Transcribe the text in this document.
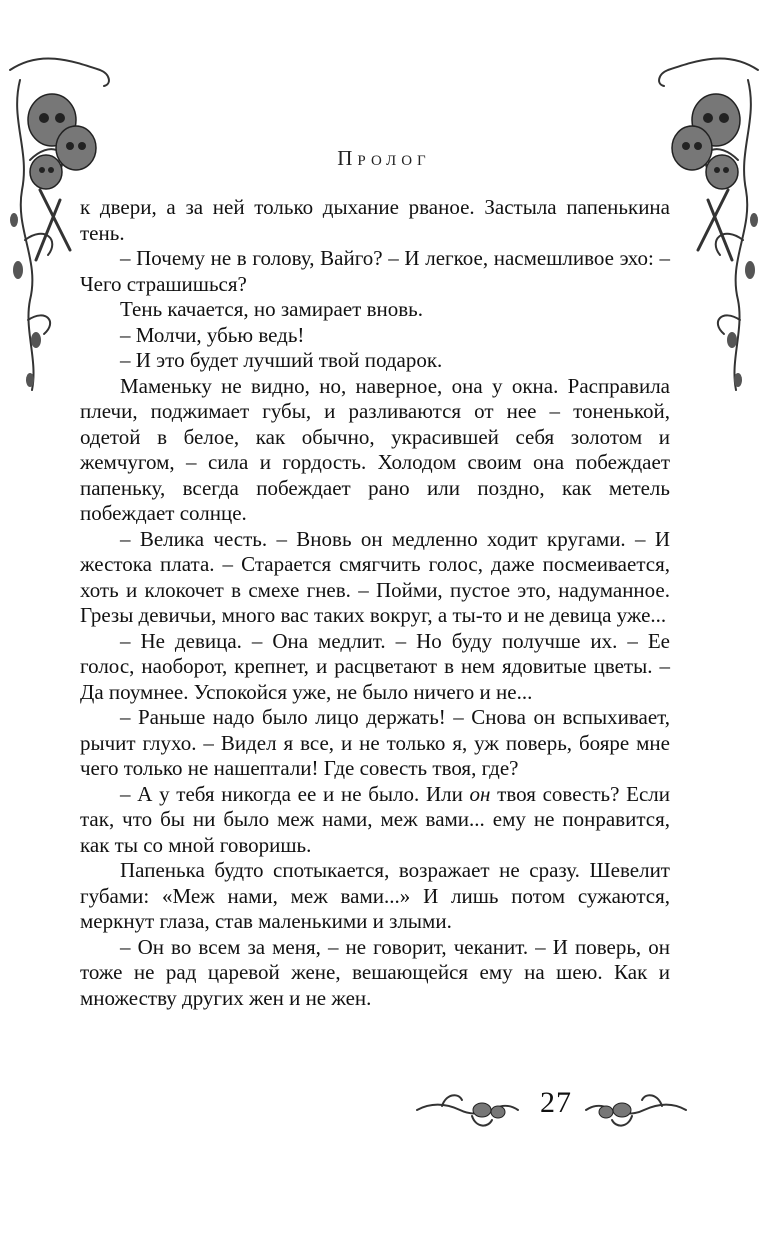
Пролог

к двери, а за ней только дыхание рваное. Застыла папенькина тень.

– Почему не в голову, Вайго? – И легкое, насмешливое эхо: – Чего страшишься?

Тень качается, но замирает вновь.

– Молчи, убью ведь!

– И это будет лучший твой подарок.

Маменьку не видно, но, наверное, она у окна. Расправила плечи, поджимает губы, и разливаются от нее – тоненькой, одетой в белое, как обычно, украсившей себя золотом и жемчугом, – сила и гордость. Холодом своим она побеждает папеньку, всегда побеждает рано или поздно, как метель побеждает солнце.

– Велика честь. – Вновь он медленно ходит кругами. – И жестока плата. – Старается смягчить голос, даже посмеивается, хоть и клокочет в смехе гнев. – Пойми, пустое это, надуманное. Грезы девичьи, много вас таких вокруг, а ты-то и не девица уже...

– Не девица. – Она медлит. – Но буду получше их. – Ее голос, наоборот, крепнет, и расцветают в нем ядовитые цветы. – Да поумнее. Успокойся уже, не было ничего и не...

– Раньше надо было лицо держать! – Снова он вспыхивает, рычит глухо. – Видел я все, и не только я, уж поверь, бояре мне чего только не нашептали! Где совесть твоя, где?

– А у тебя никогда ее и не было. Или он твоя совесть? Если так, что бы ни было меж нами, меж вами... ему не понравится, как ты со мной говоришь.

Папенька будто спотыкается, возражает не сразу. Шевелит губами: «Меж нами, меж вами...» И лишь потом сужаются, меркнут глаза, став маленькими и злыми.

– Он во всем за меня, – не говорит, чеканит. – И поверь, он тоже не рад царевой жене, вешающейся ему на шею. Как и множеству других жен и не жен.

27
